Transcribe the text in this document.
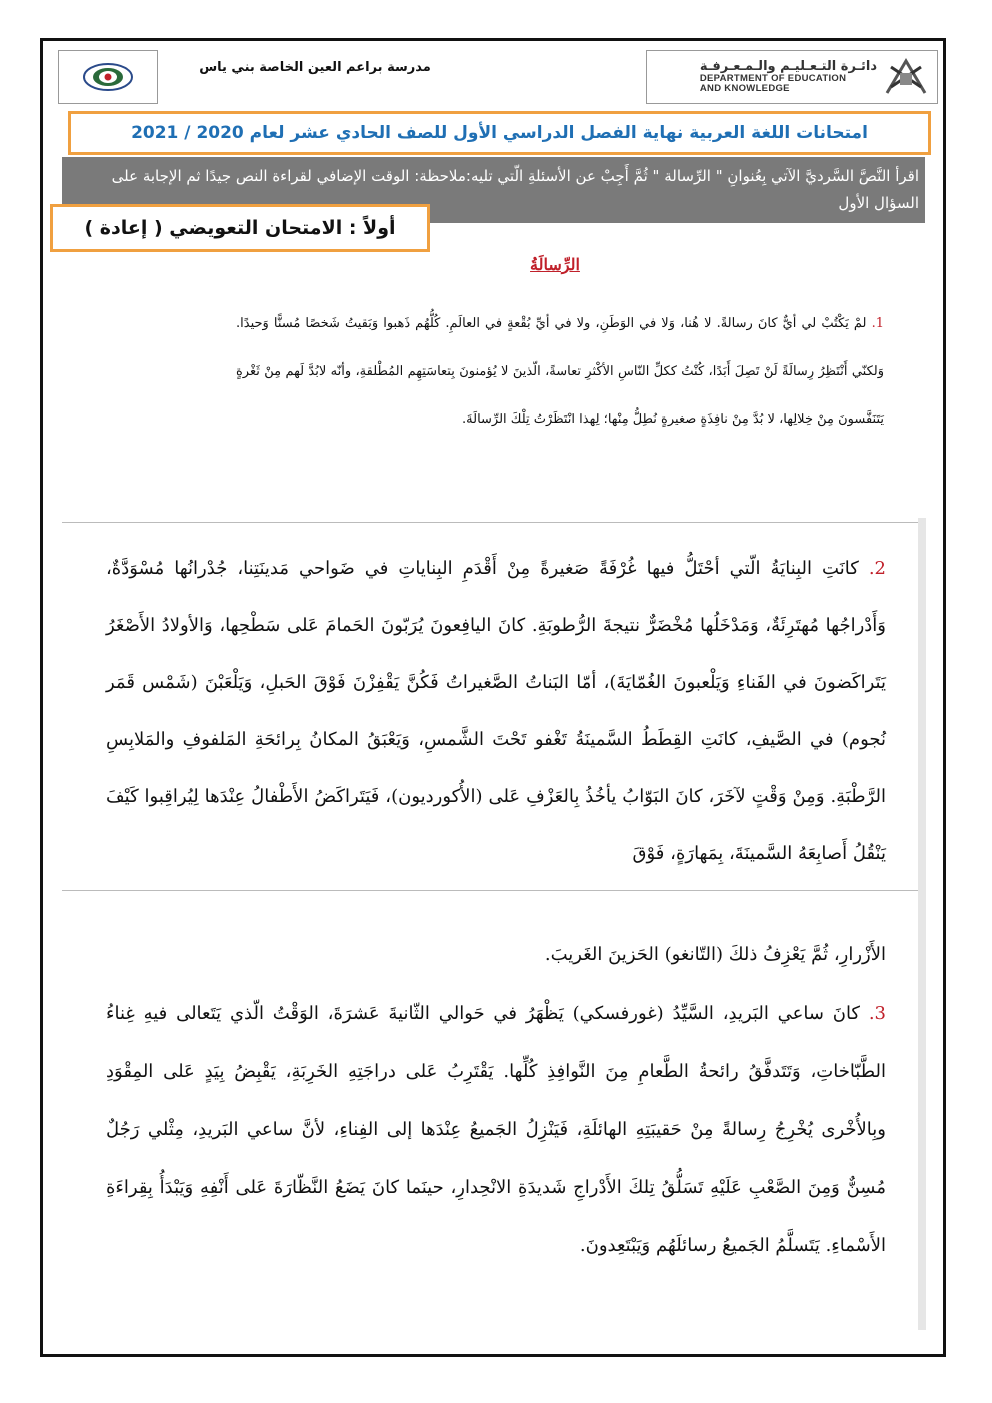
مدرسة براعم العين الخاصة بني ياس	دائـرة التـعـليـم والـمـعـرفـة
DEPARTMENT OF EDUCATION
AND KNOWLEDGE
امتحانات اللغة العربية نهاية الفصل الدراسي الأول للصف الحادي عشر لعام 2020 / 2021
اقرأ النَّصَّ السَّرديَّ الآتي بِعُنوانِ " الرِّسالة " ثُمَّ أَجِبْ عن الأسئلةِ الّتي تليه:ملاحظة: الوقت الإضافي لقراءة النص جيدًا ثم الإجابة على السؤال الأول
أولاً : الامتحان التعويضي ( إعادة )
الرِّسالَةُ
1. لمْ يَكْتُبْ لي أيٌّ كانَ رسالةً. لا هُنا، وَلا في الوَطَنِ، ولا في أيِّ بُقْعةٍ في العالَمِ. كُلُّهُم ذَهبوا وَبَقيتُ شَخصًا مُسنًّا وَحيدًا. وَلكنّي أَنْتَظِرُ رِسالَةً لَنْ تَصِلَ أَبَدًا، كُنْتُ ككلِّ النّاسِ الأكْثرِ تعاسةً، الّذينَ لا يُؤمنونَ بِتعاسَتِهِم المُطْلقةِ، وأنّه لابُدَّ لَهم مِنْ ثَغْرةٍ يَتَنَفَّسونَ مِنْ خِلالِها، لا بُدَّ مِنْ نافِذَةٍ صغيرةٍ نُطِلُّ مِنْها؛ لِهذا انْتَظَرْتُ تِلْكَ الرِّسالَةَ.
2. كانَتِ البِنايَةُ الّتي أحْتَلُّ فيها غُرْفَةً صَغيرةً مِنْ أَقْدَمِ البِناياتِ في ضَواحي مَدينَتِنا، جُدْرانُها مُسْوَدَّةٌ، وَأَدْراجُها مُهتَرِئَةٌ، وَمَدْخَلُها مُخْضَرٌّ نتيجةَ الرُّطوبَةِ. كانَ اليافِعونَ يُرَبّونَ الحَمامَ عَلى سَطْحِها، وَالأولادُ الأَصْغَرُ يَتَراكَضونَ في الفَناءِ وَيَلْعبونَ الغُمّايَةَ)، أمّا البَناتُ الصَّغيراتُ فَكُنَّ يَقْفِزْنَ فَوْقَ الحَبلِ، وَيَلْعَبْنَ (شَمْس قَمَر نُجوم) في الصَّيفِ، كانَتِ القِطَطُ السَّمينَةُ تَغْفو تَحْتَ الشَّمسِ، وَيَعْبَقُ المكانُ بِرائحَةِ المَلفوفِ والمَلابِسِ الرَّطْبَةِ. وَمِنْ وَقْتٍ لآخَرَ، كانَ البَوّابُ يأخُذُ بِالعَزْفِ عَلى (الأُكورديون)، فَيَتَراكَضُ الأَطْفالُ عِنْدَها لِيُراقِبوا كَيْفَ يَنْقُلُ أَصابِعَهُ السَّمينَةَ، بِمَهارَةٍ، فَوْقَ
الأَزْرارِ، ثُمَّ يَعْزِفُ ذلكَ (التّانغو) الحَزينَ الغَريبَ.
3. كانَ ساعي البَريدِ، السَّيِّدُ (غورفسكي) يَظْهَرُ في حَوالي الثّانيةَ عَشرَةَ، الوَقْتُ الّذي يَتَعالى فيهِ غِناءُ الطَّبّاخاتِ، وَتَتَدفَّقُ رائحةُ الطَّعامِ مِنَ النَّوافِذِ كُلِّها. يَقْتَرِبُ عَلى دراجَتِهِ الخَرِبَةِ، يَقْبِضُ بِيَدٍ عَلى المِقْوَدِ وبِالأُخْرى يُخْرِجُ رِسالةً مِنْ حَقيبَتِهِ الهائلَةِ، فَيَنْزِلُ الجَميعُ عِنْدَها إلى الفِناءِ، لأنَّ ساعي البَريدِ، مِثْلي رَجُلٌ مُسِنٌّ وَمِنَ الصَّعْبِ عَلَيْهِ تَسَلُّقُ تِلكَ الأَدْراجِ شَديدَةِ الانْحِدارِ، حينَما كانَ يَضَعُ النَّظّارَةَ عَلى أَنْفِهِ وَيَبْدَأُ بِقِراءَةِ الأَسْماءِ. يَتَسلَّمُ الجَميعُ رسائلَهُم وَيَبْتَعِدونَ.
